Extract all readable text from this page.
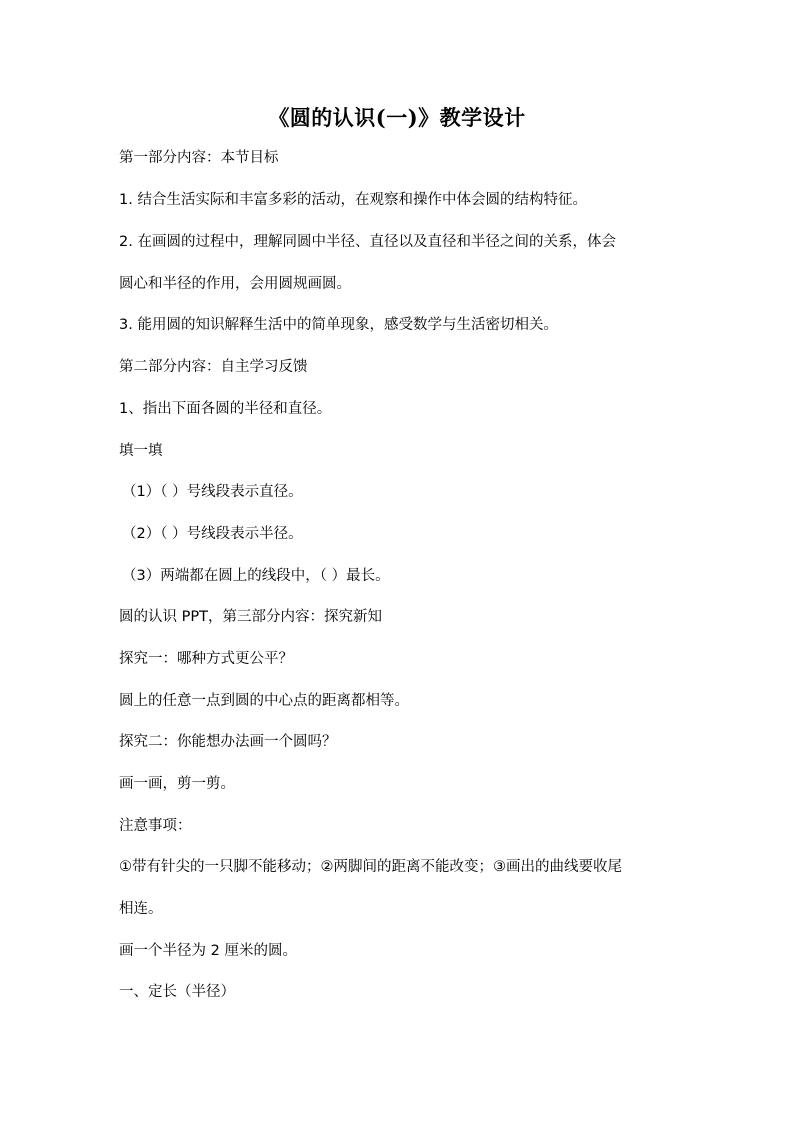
《圆的认识(一)》教学设计
第一部分内容：本节目标
1. 结合生活实际和丰富多彩的活动，在观察和操作中体会圆的结构特征。
2. 在画圆的过程中，理解同圆中半径、直径以及直径和半径之间的关系，体会
圆心和半径的作用，会用圆规画圆。
3. 能用圆的知识解释生活中的简单现象，感受数学与生活密切相关。
第二部分内容：自主学习反馈
1、指出下面各圆的半径和直径。
填一填
（1）（ ）号线段表示直径。
（2）（ ）号线段表示半径。
（3）两端都在圆上的线段中，（ ）最长。
圆的认识 PPT，第三部分内容：探究新知
探究一：哪种方式更公平？
圆上的任意一点到圆的中心点的距离都相等。
探究二：你能想办法画一个圆吗？
画一画，剪一剪。
注意事项：
①带有针尖的一只脚不能移动；②两脚间的距离不能改变；③画出的曲线要收尾
相连。
画一个半径为 2 厘米的圆。
一、定长（半径）
